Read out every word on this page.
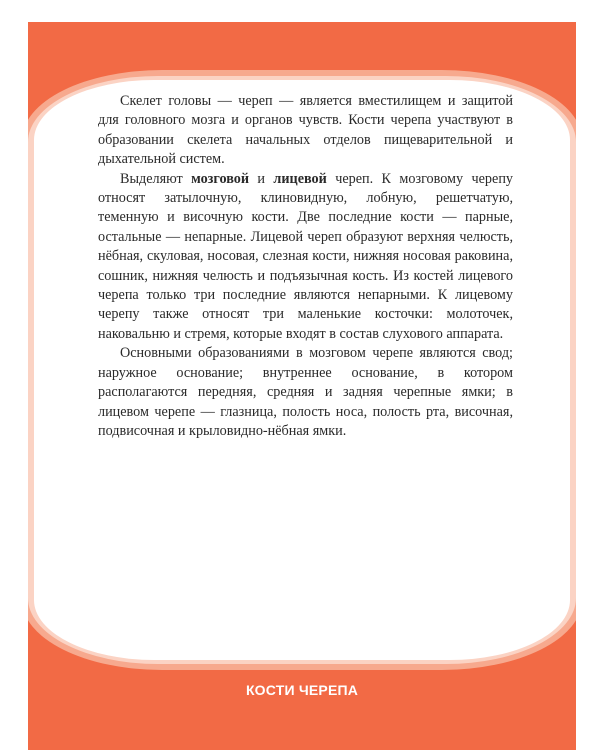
Скелет головы — череп — является вместилищем и защитой для головного мозга и органов чувств. Кости черепа участвуют в образовании скелета начальных отделов пищеварительной и дыхательной систем.

Выделяют мозговой и лицевой череп. К мозговому черепу относят затылочную, клиновидную, лобную, решетчатую, теменную и височную кости. Две последние кости — парные, остальные — непарные. Лицевой череп образуют верхняя челюсть, нёбная, скуловая, носовая, слезная кости, нижняя носовая раковина, сошник, нижняя челюсть и подъязычная кость. Из костей лицевого черепа только три последние являются непарными. К лицевому черепу также относят три маленькие косточки: молоточек, наковальню и стремя, которые входят в состав слухового аппарата.

Основными образованиями в мозговом черепе являются свод; наружное основание; внутреннее основание, в котором располагаются передняя, средняя и задняя черепные ямки; в лицевом черепе — глазница, полость носа, полость рта, височная, подвисочная и крыловидно-нёбная ямки.

КОСТИ ЧЕРЕПА
